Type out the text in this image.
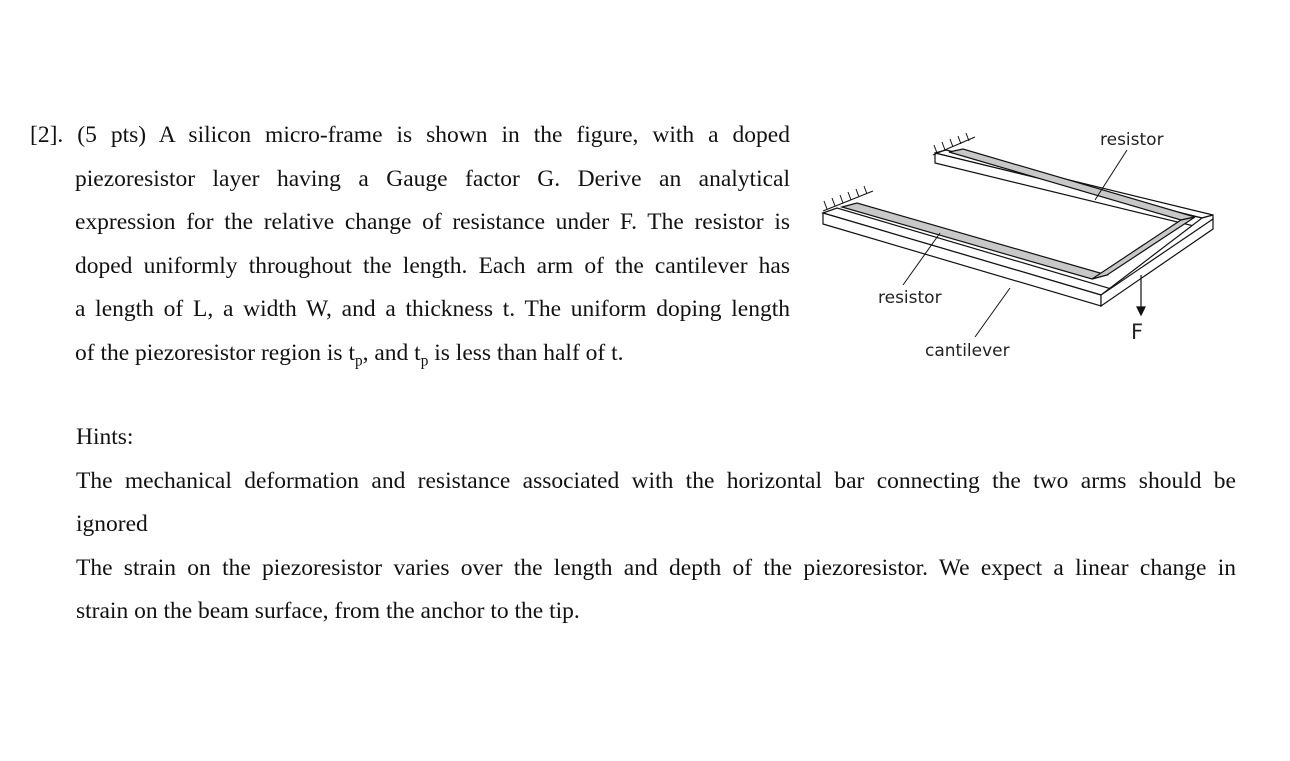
[2]. (5 pts) A silicon micro-frame is shown in the figure, with a doped
piezoresistor layer having a Gauge factor G. Derive an analytical
expression for the relative change of resistance under F. The resistor is
doped uniformly throughout the length. Each arm of the cantilever has
a length of L, a width W, and a thickness t. The uniform doping length
of the piezoresistor region is $t_p$, and $t_p$ is less than half of t.
resistor
resistor
cantilever
F
Hints:
The mechanical deformation and resistance associated with the horizontal bar connecting the two arms should be
ignored
The strain on the piezoresistor varies over the length and depth of the piezoresistor. We expect a linear change in
strain on the beam surface, from the anchor to the tip.
